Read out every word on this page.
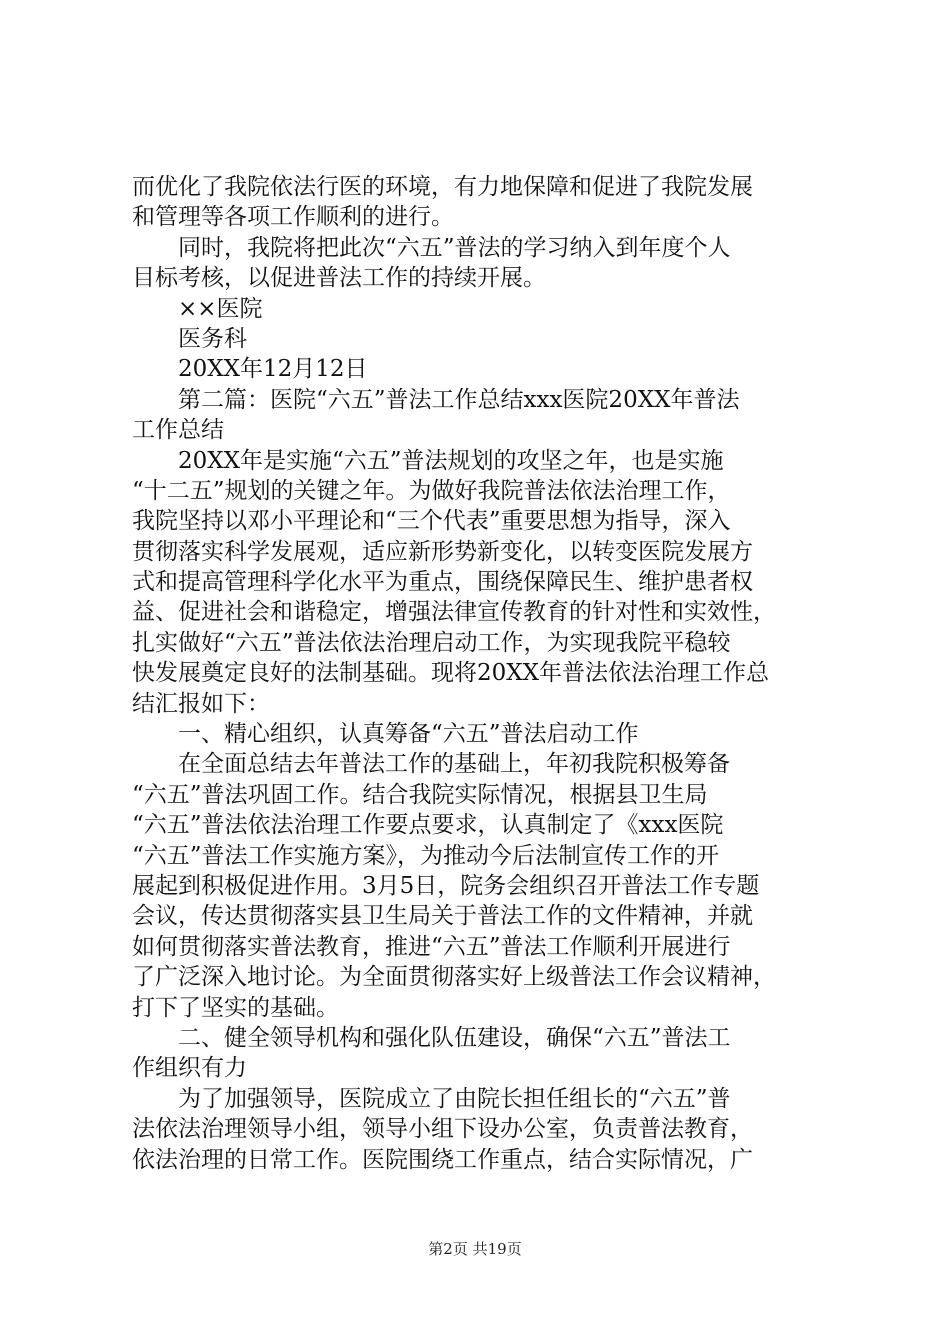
而优化了我院依法行医的环境，有力地保障和促进了我院发展
和管理等各项工作顺利的进行。
　　同时，我院将把此次“六五”普法的学习纳入到年度个人
目标考核，以促进普法工作的持续开展。
　　××医院
　　医务科
　　20XX年12月12日
　　第二篇：医院“六五”普法工作总结xxx医院20XX年普法
工作总结
　　20XX年是实施“六五”普法规划的攻坚之年，也是实施
“十二五”规划的关键之年。为做好我院普法依法治理工作，
我院坚持以邓小平理论和“三个代表”重要思想为指导，深入
贯彻落实科学发展观，适应新形势新变化，以转变医院发展方
式和提高管理科学化水平为重点，围绕保障民生、维护患者权
益、促进社会和谐稳定，增强法律宣传教育的针对性和实效性，
扎实做好“六五”普法依法治理启动工作，为实现我院平稳较
快发展奠定良好的法制基础。现将20XX年普法依法治理工作总
结汇报如下：
　　一、精心组织，认真筹备“六五”普法启动工作
　　在全面总结去年普法工作的基础上，年初我院积极筹备
“六五”普法巩固工作。结合我院实际情况，根据县卫生局
“六五”普法依法治理工作要点要求，认真制定了《xxx医院
“六五”普法工作实施方案》，为推动今后法制宣传工作的开
展起到积极促进作用。3月5日，院务会组织召开普法工作专题
会议，传达贯彻落实县卫生局关于普法工作的文件精神，并就
如何贯彻落实普法教育，推进“六五”普法工作顺利开展进行
了广泛深入地讨论。为全面贯彻落实好上级普法工作会议精神，
打下了坚实的基础。
　　二、健全领导机构和强化队伍建设，确保“六五”普法工
作组织有力
　　为了加强领导，医院成立了由院长担任组长的“六五”普
法依法治理领导小组，领导小组下设办公室，负责普法教育，
依法治理的日常工作。医院围绕工作重点，结合实际情况，广
第2页 共19页
